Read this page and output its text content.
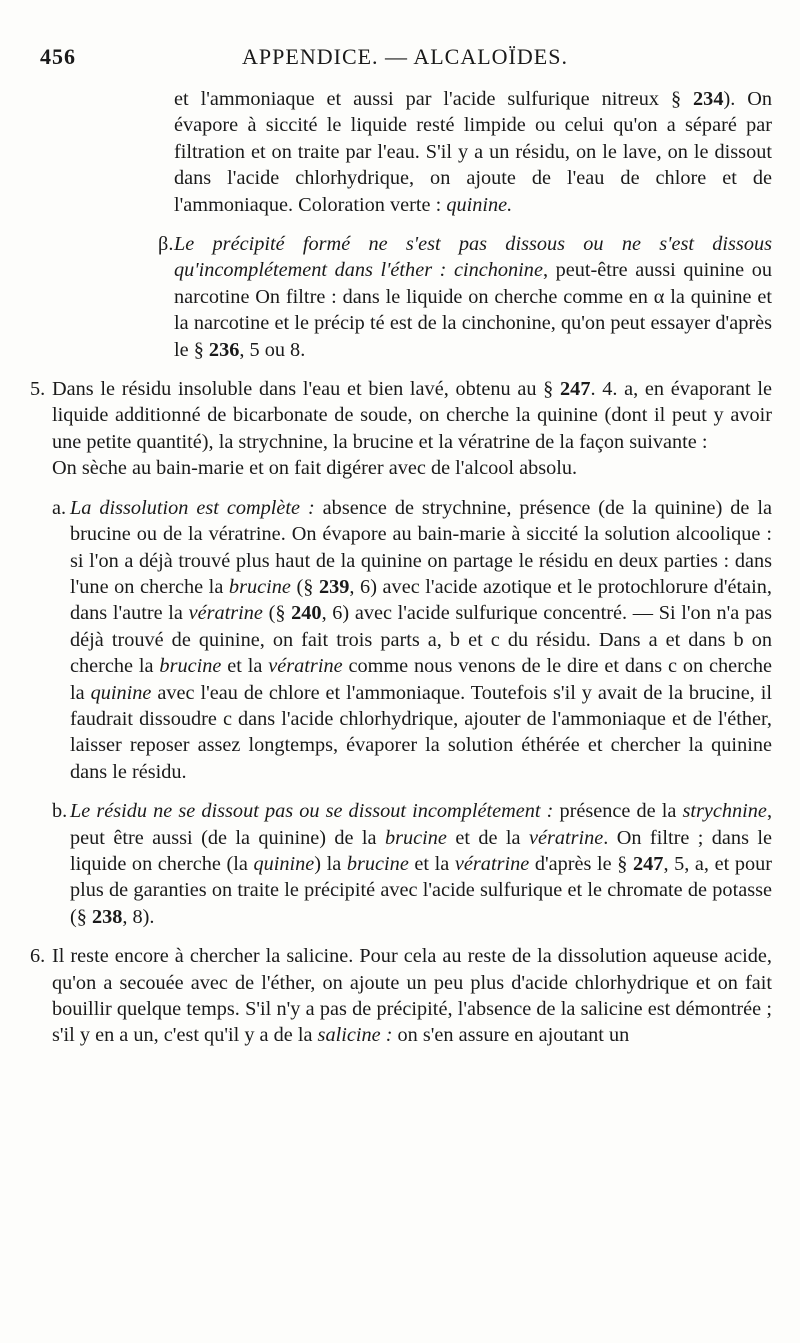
456	APPENDICE. — ALCALOÏDES.

et l'ammoniaque et aussi par l'acide sulfurique nitreux § 234). On évapore à siccité le liquide resté limpide ou celui qu'on a séparé par filtration et on traite par l'eau. S'il y a un résidu, on le lave, on le dissout dans l'acide chlorhydrique, on ajoute de l'eau de chlore et de l'ammoniaque. Coloration verte : quinine.

β. Le précipité formé ne s'est pas dissous ou ne s'est dissous qu'incomplétement dans l'éther : cinchonine, peut-être aussi quinine ou narcotine On filtre : dans le liquide on cherche comme en α la quinine et la narcotine et le précip té est de la cinchonine, qu'on peut essayer d'après le § 236, 5 ou 8.

5. Dans le résidu insoluble dans l'eau et bien lavé, obtenu au § 247. 4. a, en évaporant le liquide additionné de bicarbonate de soude, on cherche la quinine (dont il peut y avoir une petite quantité), la strychnine, la brucine et la vératrine de la façon suivante :

On sèche au bain-marie et on fait digérer avec de l'alcool absolu.

a. La dissolution est complète : absence de strychnine, présence (de la quinine) de la brucine ou de la vératrine. On évapore au bain-marie à siccité la solution alcoolique : si l'on a déjà trouvé plus haut de la quinine on partage le résidu en deux parties : dans l'une on cherche la brucine (§ 239, 6) avec l'acide azotique et le protochlorure d'étain, dans l'autre la vératrine (§ 240, 6) avec l'acide sulfurique concentré. — Si l'on n'a pas déjà trouvé de quinine, on fait trois parts a, b et c du résidu. Dans a et dans b on cherche la brucine et la vératrine comme nous venons de le dire et dans c on cherche la quinine avec l'eau de chlore et l'ammoniaque. Toutefois s'il y avait de la brucine, il faudrait dissoudre c dans l'acide chlorhydrique, ajouter de l'ammoniaque et de l'éther, laisser reposer assez longtemps, évaporer la solution éthérée et chercher la quinine dans le résidu.

b. Le résidu ne se dissout pas ou se dissout incomplétement : présence de la strychnine, peut être aussi (de la quinine) de la brucine et de la vératrine. On filtre ; dans le liquide on cherche (la quinine) la brucine et la vératrine d'après le § 247, 5, a, et pour plus de garanties on traite le précipité avec l'acide sulfurique et le chromate de potasse (§ 238, 8).

6. Il reste encore à chercher la salicine. Pour cela au reste de la dissolution aqueuse acide, qu'on a secouée avec de l'éther, on ajoute un peu plus d'acide chlorhydrique et on fait bouillir quelque temps. S'il n'y a pas de précipité, l'absence de la salicine est démontrée ; s'il y en a un, c'est qu'il y a de la salicine : on s'en assure en ajoutant un
